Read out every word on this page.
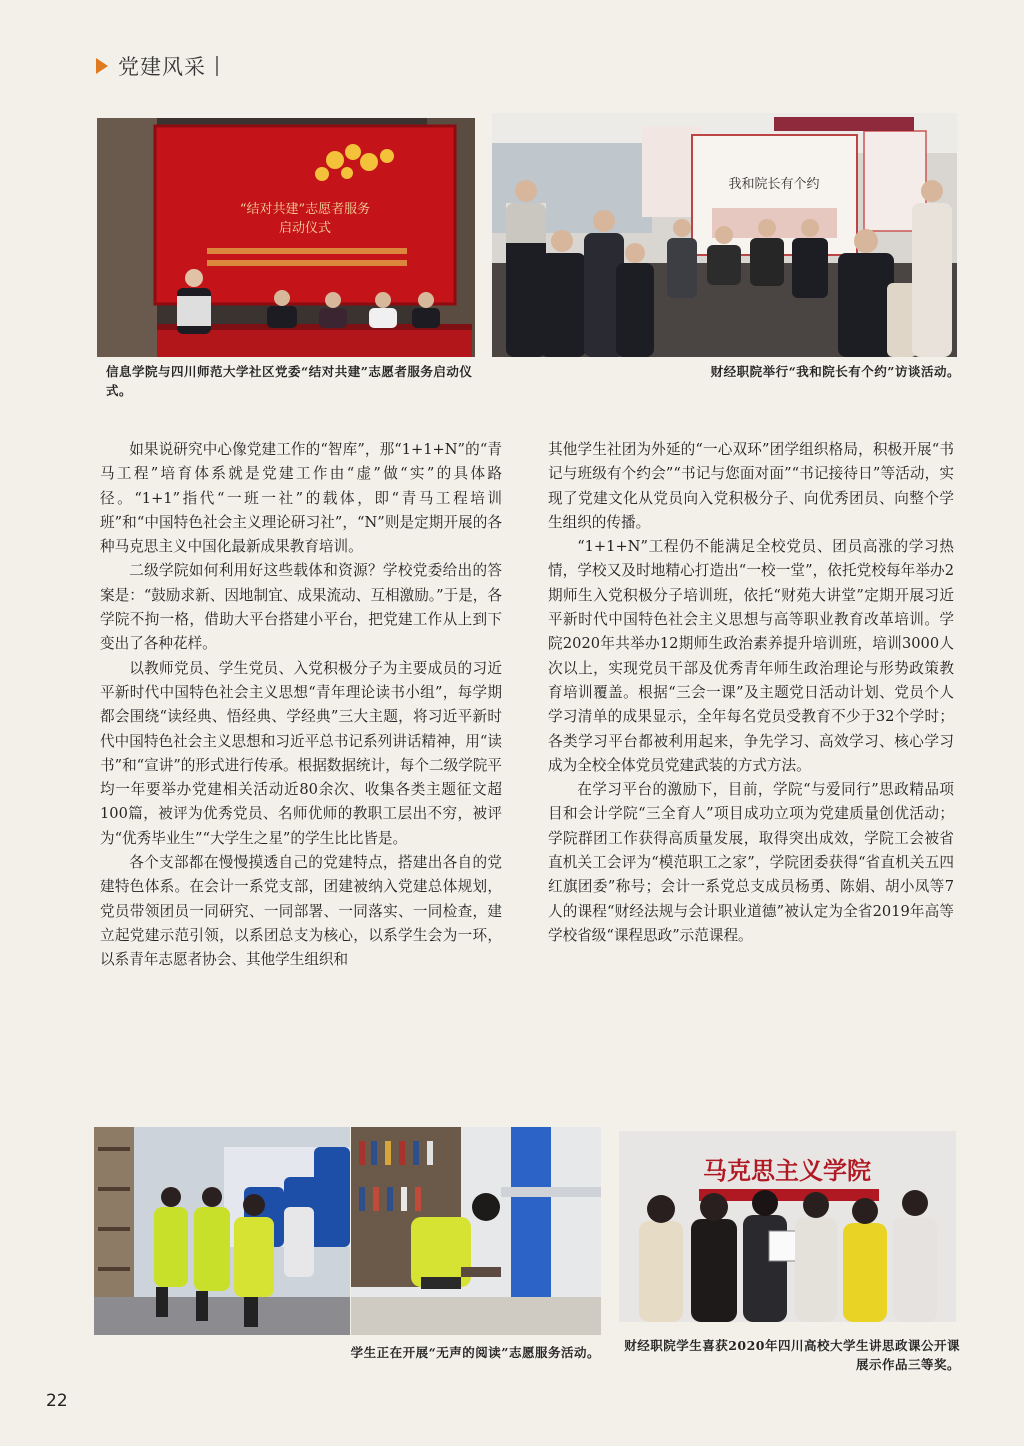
党建风采
“结对共建”志愿者服务
启动仪式
我和院长有个约
信息学院与四川师范大学社区党委“结对共建”志愿者服务启动仪式。
财经职院举行“我和院长有个约”访谈活动。

如果说研究中心像党建工作的“智库”，那“1+1+N”的“青马工程”培育体系就是党建工作由“虚”做“实”的具体路径。“1+1”指代“一班一社”的载体，即“青马工程培训班”和“中国特色社会主义理论研习社”，“N”则是定期开展的各种马克思主义中国化最新成果教育培训。

二级学院如何利用好这些载体和资源？学校党委给出的答案是：“鼓励求新、因地制宜、成果流动、互相激励。”于是，各学院不拘一格，借助大平台搭建小平台，把党建工作从上到下变出了各种花样。

以教师党员、学生党员、入党积极分子为主要成员的习近平新时代中国特色社会主义思想“青年理论读书小组”，每学期都会围绕“读经典、悟经典、学经典”三大主题，将习近平新时代中国特色社会主义思想和习近平总书记系列讲话精神，用“读书”和“宣讲”的形式进行传承。根据数据统计，每个二级学院平均一年要举办党建相关活动近80余次、收集各类主题征文超100篇，被评为优秀党员、名师优师的教职工层出不穷，被评为“优秀毕业生”“大学生之星”的学生比比皆是。

各个支部都在慢慢摸透自己的党建特点，搭建出各自的党建特色体系。在会计一系党支部，团建被纳入党建总体规划，党员带领团员一同研究、一同部署、一同落实、一同检查，建立起党建示范引领，以系团总支为核心，以系学生会为一环，以系青年志愿者协会、其他学生组织和

其他学生社团为外延的“一心双环”团学组织格局，积极开展“书记与班级有个约会”“书记与您面对面”“书记接待日”等活动，实现了党建文化从党员向入党积极分子、向优秀团员、向整个学生组织的传播。

“1+1+N”工程仍不能满足全校党员、团员高涨的学习热情，学校又及时地精心打造出“一校一堂”，依托党校每年举办2期师生入党积极分子培训班，依托“财苑大讲堂”定期开展习近平新时代中国特色社会主义思想与高等职业教育改革培训。学院2020年共举办12期师生政治素养提升培训班，培训3000人次以上，实现党员干部及优秀青年师生政治理论与形势政策教育培训覆盖。根据“三会一课”及主题党日活动计划、党员个人学习清单的成果显示，全年每名党员受教育不少于32个学时；各类学习平台都被利用起来，争先学习、高效学习、核心学习成为全校全体党员党建武装的方式方法。

在学习平台的激励下，目前，学院“与爱同行”思政精品项目和会计学院“三全育人”项目成功立项为党建质量创优活动；学院群团工作获得高质量发展，取得突出成效，学院工会被省直机关工会评为“模范职工之家”，学院团委获得“省直机关五四红旗团委”称号；会计一系党总支成员杨勇、陈娟、胡小凤等7人的课程“财经法规与会计职业道德”被认定为全省2019年高等学校省级“课程思政”示范课程。

马克思主义学院
学生正在开展“无声的阅读”志愿服务活动。	财经职院学生喜获2020年四川高校大学生讲思政课公开课展示作品三等奖。
22
